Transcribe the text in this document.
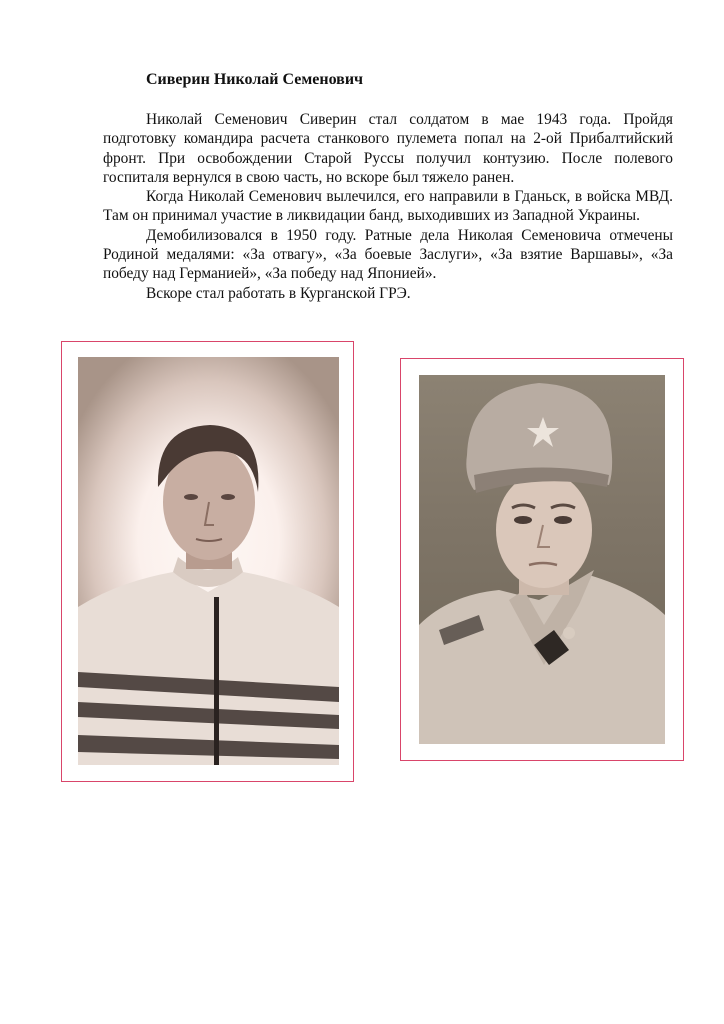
Сиверин Николай Семенович

Николай Семенович Сиверин стал солдатом в мае 1943 года. Пройдя подготовку командира расчета станкового пулемета попал на 2-ой Прибалтийский фронт. При освобождении Старой Руссы получил контузию. После полевого госпиталя вернулся в свою часть, но вскоре был тяжело ранен.

Когда Николай Семенович вылечился, его направили в Гданьск, в войска МВД. Там он принимал участие в ликвидации банд, выходивших из Западной Украины.

Демобилизовался в 1950 году. Ратные дела Николая Семеновича отмечены Родиной медалями: «За отвагу», «За боевые Заслуги», «За взятие Варшавы», «За победу над Германией», «За победу над Японией».

Вскоре стал работать в Курганской ГРЭ.
